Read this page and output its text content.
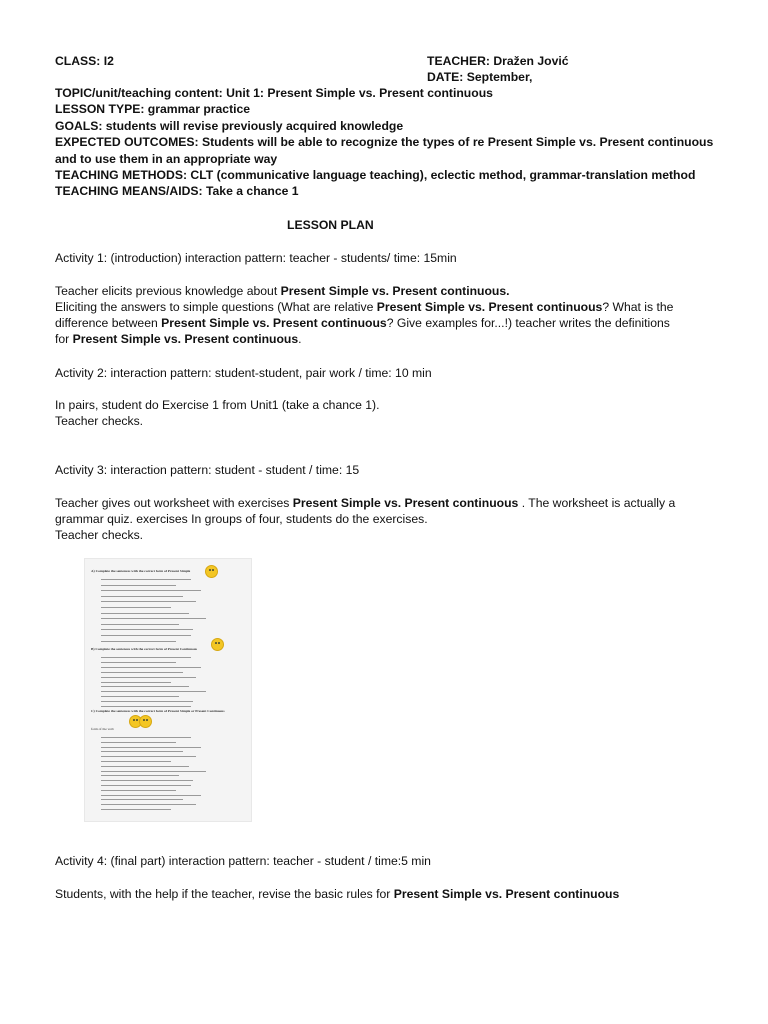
CLASS: I2	TEACHER: Dražen Jović
DATE: September,
TOPIC/unit/teaching content: Unit 1: Present Simple vs. Present continuous
LESSON TYPE: grammar practice
GOALS: students will revise previously acquired knowledge
EXPECTED OUTCOMES: Students will be able to recognize the types of re Present Simple vs. Present continuous
and to use them in an appropriate way
TEACHING METHODS: CLT (communicative language teaching), eclectic method, grammar-translation method
TEACHING MEANS/AIDS: Take a chance 1
LESSON PLAN
Activity 1: (introduction) interaction pattern: teacher - students/ time: 15min
Teacher elicits previous knowledge about Present Simple vs. Present continuous.
Eliciting the answers to simple questions (What are relative Present Simple vs. Present continuous? What is the
difference between Present Simple vs. Present continuous? Give examples for...!) teacher writes the definitions
for Present Simple vs. Present continuous.
Activity 2: interaction pattern: student-student, pair work / time: 10 min
In pairs, student do Exercise 1 from Unit1 (take a chance 1).
Teacher checks.
Activity 3: interaction pattern: student - student / time: 15
Teacher gives out worksheet with exercises Present Simple vs. Present continuous . The worksheet is actually a
grammar quiz. exercises In groups of four, students do the exercises.
Teacher checks.
A) Complete the sentences with the correct form of Present Simple
B) Complete the sentences with the correct form of Present Continuous
C) Complete the sentences with the correct form of Present Simple or Present Continuous
form of the verb
Activity 4: (final part) interaction pattern: teacher - student / time:5 min
Students, with the help if the teacher, revise the basic rules for Present Simple vs. Present continuous
